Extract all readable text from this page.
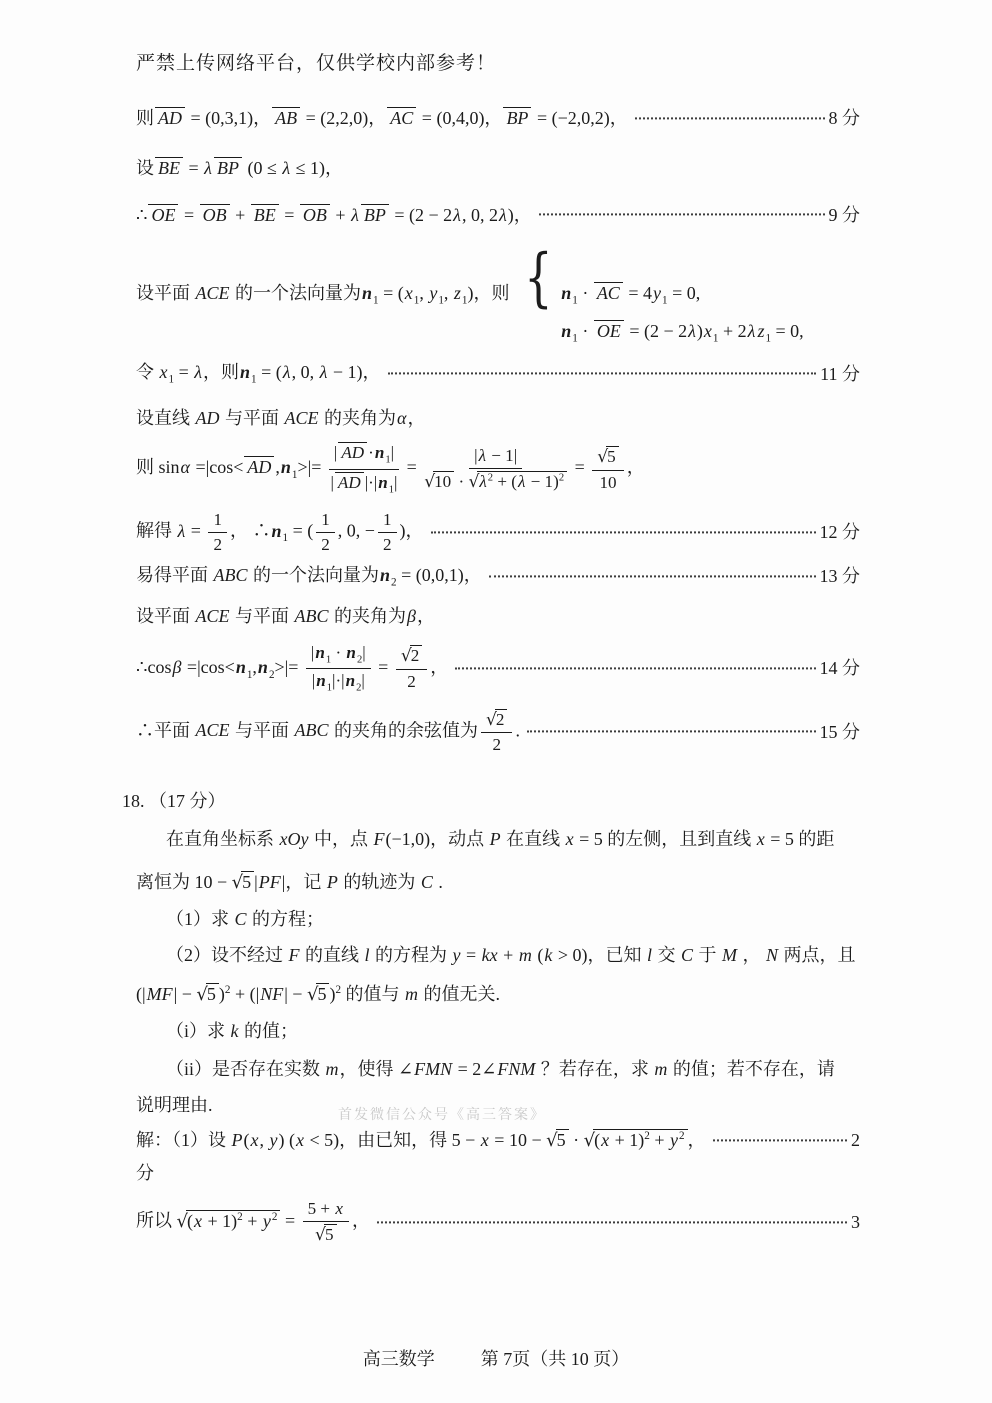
严禁上传网络平台，仅供学校内部参考！
则 AD = (0,3,1)， AB = (2,2,0)， AC = (0,4,0)， BP = (−2,0,2)，	8 分
设 BE = λ BP (0 ≤ λ ≤ 1)，
∴ OE = OB + BE = OB + λ BP = (2 − 2λ, 0, 2λ)，	9 分
设平面 ACE 的一个法向量为$n_1 = (x_1$, $y_1$, $z_1$)，则 { $n_1$ · AC = $4y_1 = 0$,
$n_1$ · OE = $(2 - 2\lambda)x_1 + 2\lambda$ $z_1 = 0$,
令 $x_1 = \lambda$，则$n_1 = (\lambda$, 0, λ − 1)，	11 分
设直线 AD 与平面 ACE 的夹角为α，
则 sinα =|cos< AD $,n_1>|= \frac{| AD \cdot n_1|}{| AD |\cdot|n_1|} = \frac{|\lambda - 1|}{√10 \cdot √\lambda^2 + (\lambda - 1)^2} = \frac{√5}{10}$ ，
解得 $\lambda = \frac{1}{2}$ ， $\therefore n_1$ = ( $\frac{1}{2}$ , 0, − $\frac{1}{2}$ )，	12 分
易得平面 ABC 的一个法向量为$n_2 = (0,0,1)$，	13 分
设平面 ACE 与平面 ABC 的夹角为β，
∴cosβ $=|\cos<n_1,n_2>|= \frac{|n_1 \cdot n_2|}{|n_1|\cdot|n_2|} = \frac{√2}{2}$ ，	14 分
∴平面 ACE 与平面 ABC 的夹角的余弦值为 $\frac{√2}{2}$ .	15 分
18. （17 分）
在直角坐标系 xOy 中，点 F(−1,0)，动点 P 在直线 x = 5 的左侧，且到直线 x = 5 的距
离恒为 10 − √5 |PF|，记 P 的轨迹为 C .
（1）求 C 的方程；
（2）设不经过 F 的直线 l 的方程为 y = kx + m (k > 0)，已知 l 交 C 于 M ， N 两点，且
(|MF| − √5 )$^2$ + (|NF| − √5 )$^2$ 的值与 m 的值无关.
（i）求 k 的值；
（ii）是否存在实数 m，使得 ∠FMN = 2∠FNM ？若存在，求 m 的值；若不存在，请
说明理由.
解：（1）设 P(x, y) (x < 5)，由已知，得 $5 - x = 10 - √5 \cdot √(x + 1)^2 + y^2$ ，	2
分
所以 $√(x + 1)^2 + y^2 = \frac{5 + x}{√5}$ ，	3
首发微信公众号《高三答案》
高三数学	第 7页（共 10 页）
